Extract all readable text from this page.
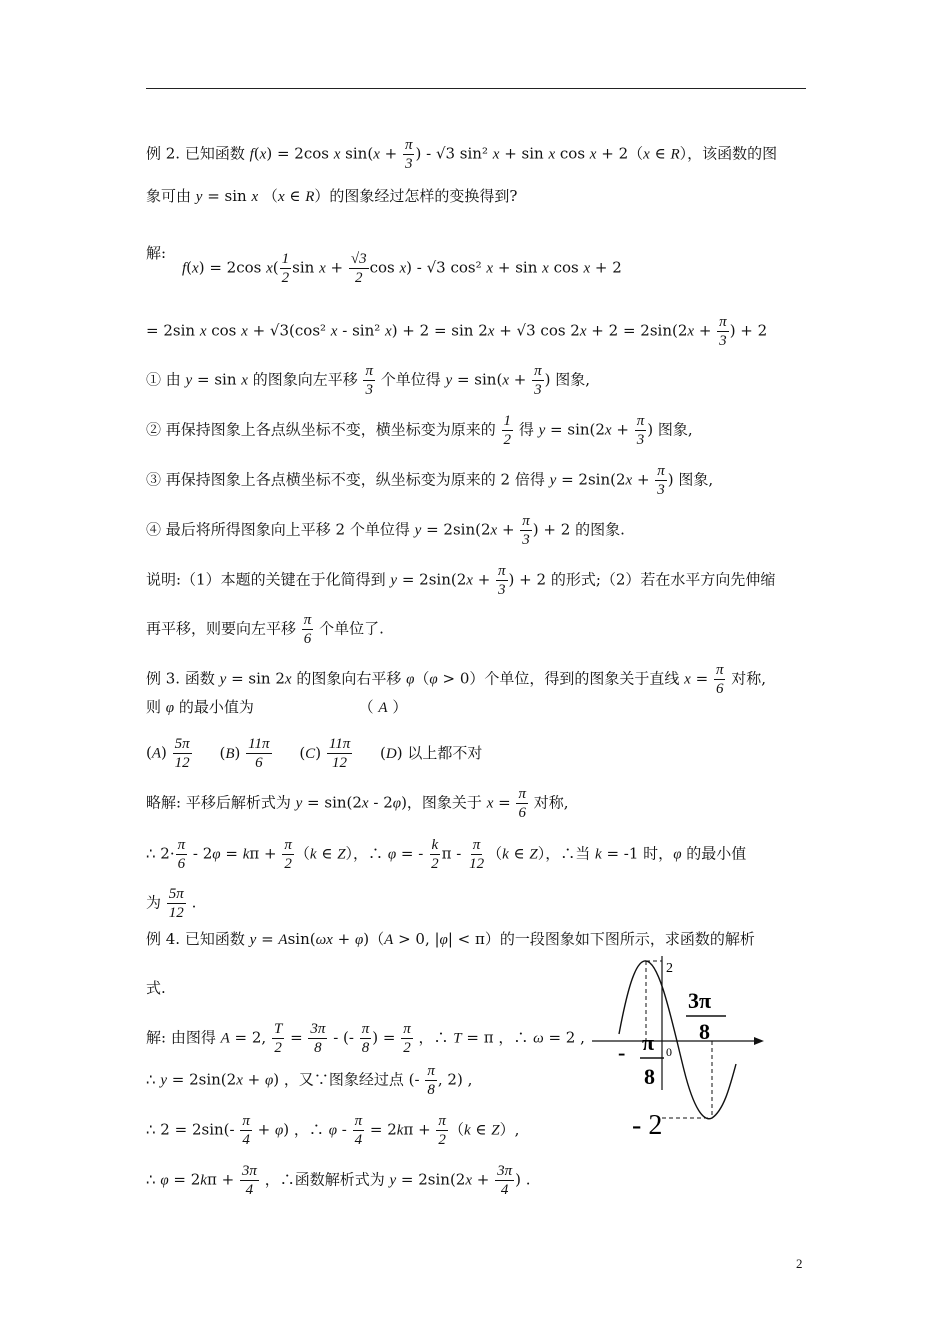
例 2. 已知函数 f(x) = 2cos x $\sin(x + \frac{\pi}{3}$ ) - √3 sin² x + sin x cos x + 2（x ∈ R），该函数的图
象可由 y = sin x （x ∈ R）的图象经过怎样的变换得到?
解:
f(x) = 2cos $x( \frac{1}{2}$ $\sin x + \frac{√3}{2}$ cos x) - √3 cos² x + sin x cos x + 2
= 2sin x cos x + √3(cos² x - sin² x) + 2 = sin 2x + √3 $\cos 2x + 2 = 2\sin(2x + \frac{\pi}{3}$ ) + 2
① 由 y = sin x 的图象向左平移 $\frac{\pi}{3}$ 个单位得 $y = \sin(x + \frac{\pi}{3}$ ) 图象,
② 再保持图象上各点纵坐标不变，横坐标变为原来的 $\frac{1}{2}$ 得 $y = \sin(2x + \frac{\pi}{3}$ ) 图象,
③ 再保持图象上各点横坐标不变，纵坐标变为原来的 2 倍得 $y = 2\sin(2x + \frac{\pi}{3}$ ) 图象,
④ 最后将所得图象向上平移 2 个单位得 $y = 2\sin(2x + \frac{\pi}{3}$ ) + 2 的图象.
说明:（1）本题的关键在于化简得到 $y = 2\sin(2x + \frac{\pi}{3}$ ) + 2 的形式;（2）若在水平方向先伸缩
再平移，则要向左平移 $\frac{\pi}{6}$ 个单位了.
例 3. 函数 y = sin 2x 的图象向右平移 φ（φ > 0）个单位，得到的图象关于直线 $x = \frac{\pi}{6}$ 对称,
则 φ 的最小值为	（ A ）
$(A) \frac{5\pi}{12} (B) \frac{11\pi}{6} (C) \frac{11\pi}{12} (D)$ 以上都不对
略解: 平移后解析式为 y = sin(2x - 2φ)，图象关于 $x = \frac{\pi}{6}$ 对称,
∴ $2\cdot \frac{\pi}{6} - 2\varphi = k\pi + \frac{\pi}{2} (k$ ∈ Z），∴ φ = - $\frac{k}{2}$ π - $\frac{\pi}{12} (k$ ∈ Z），∴当 k = -1 时，φ 的最小值
为 $\frac{5\pi}{12}$ .
例 4. 已知函数 y = Asin(ωx + φ)（A > 0, |φ| < π）的一段图象如下图所示，求函数的解析
式.
解: 由图得 A = 2, $\frac{T}{2} = \frac{3\pi}{8}$ - (- $\frac{\pi}{8}$ ) = $\frac{\pi}{2}$ ，∴ T = π ，∴ ω = 2 ,
∴ y = 2sin(2x + φ) ，又∵图象经过点 (- $\frac{\pi}{8}$ , 2) ,
∴ $2 = 2\sin(- \frac{\pi}{4} + \varphi)$ ，∴ $\varphi - \frac{\pi}{4} = 2k\pi + \frac{\pi}{2} (k$ ∈ Z）,
∴ $\varphi = 2k\pi + \frac{3\pi}{4}$ ，∴函数解析式为 $y = 2\sin(2x + \frac{3\pi}{4}$ ) .
2
3π
8
- π
8
0
- 2
2
